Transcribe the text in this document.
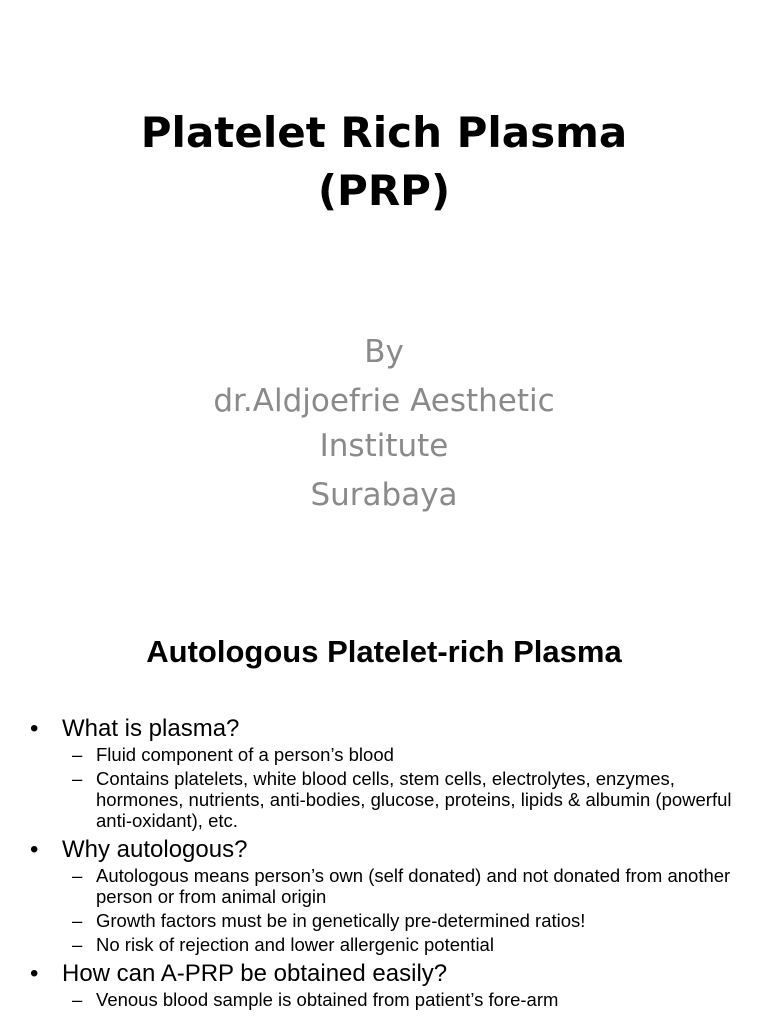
Platelet Rich Plasma
(PRP)
By
dr.Aldjoefrie Aesthetic
Institute
Surabaya
Autologous Platelet-rich Plasma
• What is plasma?
– Fluid component of a person’s blood
– Contains platelets, white blood cells, stem cells, electrolytes, enzymes, hormones, nutrients, anti-bodies, glucose, proteins, lipids & albumin (powerful anti-oxidant), etc.
• Why autologous?
– Autologous means person’s own (self donated) and not donated from another person or from animal origin
– Growth factors must be in genetically pre-determined ratios!
– No risk of rejection and lower allergenic potential
• How can A-PRP be obtained easily?
– Venous blood sample is obtained from patient’s fore-arm
